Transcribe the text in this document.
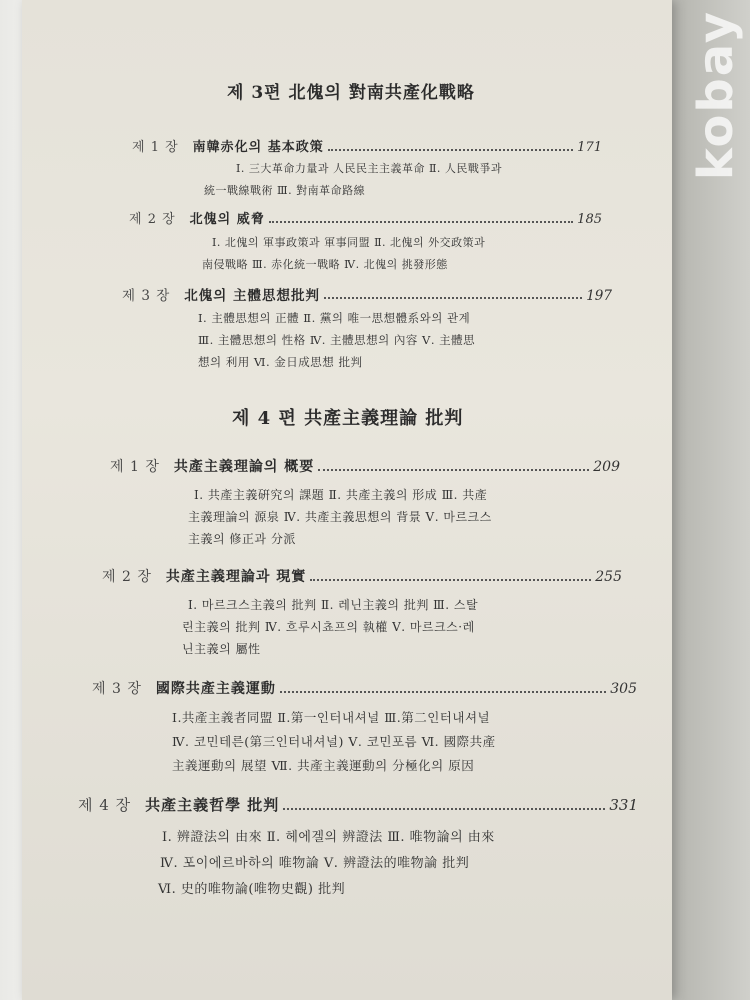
kobay
제 3편 北傀의 對南共產化戰略
제 1 장 南韓赤化의 基本政策	171
Ⅰ. 三大革命力量과 人民民主主義革命 Ⅱ. 人民戰爭과
統一戰線戰術 Ⅲ. 對南革命路線
제 2 장 北傀의 威脅	185
Ⅰ. 北傀의 軍事政策과 軍事同盟 Ⅱ. 北傀의 外交政策과
南侵戰略 Ⅲ. 赤化統一戰略 Ⅳ. 北傀의 挑發形態
제 3 장 北傀의 主體思想批判	197
Ⅰ. 主體思想의 正體 Ⅱ. 黨의 唯一思想體系와의 관계
Ⅲ. 主體思想의 性格 Ⅳ. 主體思想의 內容 Ⅴ. 主體思
想의 利用 Ⅵ. 金日成思想 批判
제 4 편 共產主義理論 批判
제 1 장 共產主義理論의 概要	209
Ⅰ. 共產主義硏究의 課題 Ⅱ. 共產主義의 形成 Ⅲ. 共產
主義理論의 源泉 Ⅳ. 共產主義思想의 背景 Ⅴ. 마르크스
主義의 修正과 分派
제 2 장 共產主義理論과 現實	255
Ⅰ. 마르크스主義의 批判 Ⅱ. 레닌主義의 批判 Ⅲ. 스탈
린主義의 批判 Ⅳ. 흐루시쵸프의 執權 Ⅴ. 마르크스·레
닌主義의 屬性
제 3 장 國際共產主義運動	305
Ⅰ.共產主義者同盟 Ⅱ.第一인터내셔널 Ⅲ.第二인터내셔널
Ⅳ. 코민테른(第三인터내셔널) Ⅴ. 코민포름 Ⅵ. 國際共產
主義運動의 展望 Ⅶ. 共產主義運動의 分極化의 原因
제 4 장 共產主義哲學 批判	331
Ⅰ. 辨證法의 由來 Ⅱ. 헤에겔의 辨證法 Ⅲ. 唯物論의 由來
Ⅳ. 포이에르바하의 唯物論 Ⅴ. 辨證法的唯物論 批判
Ⅵ. 史的唯物論(唯物史觀) 批判
